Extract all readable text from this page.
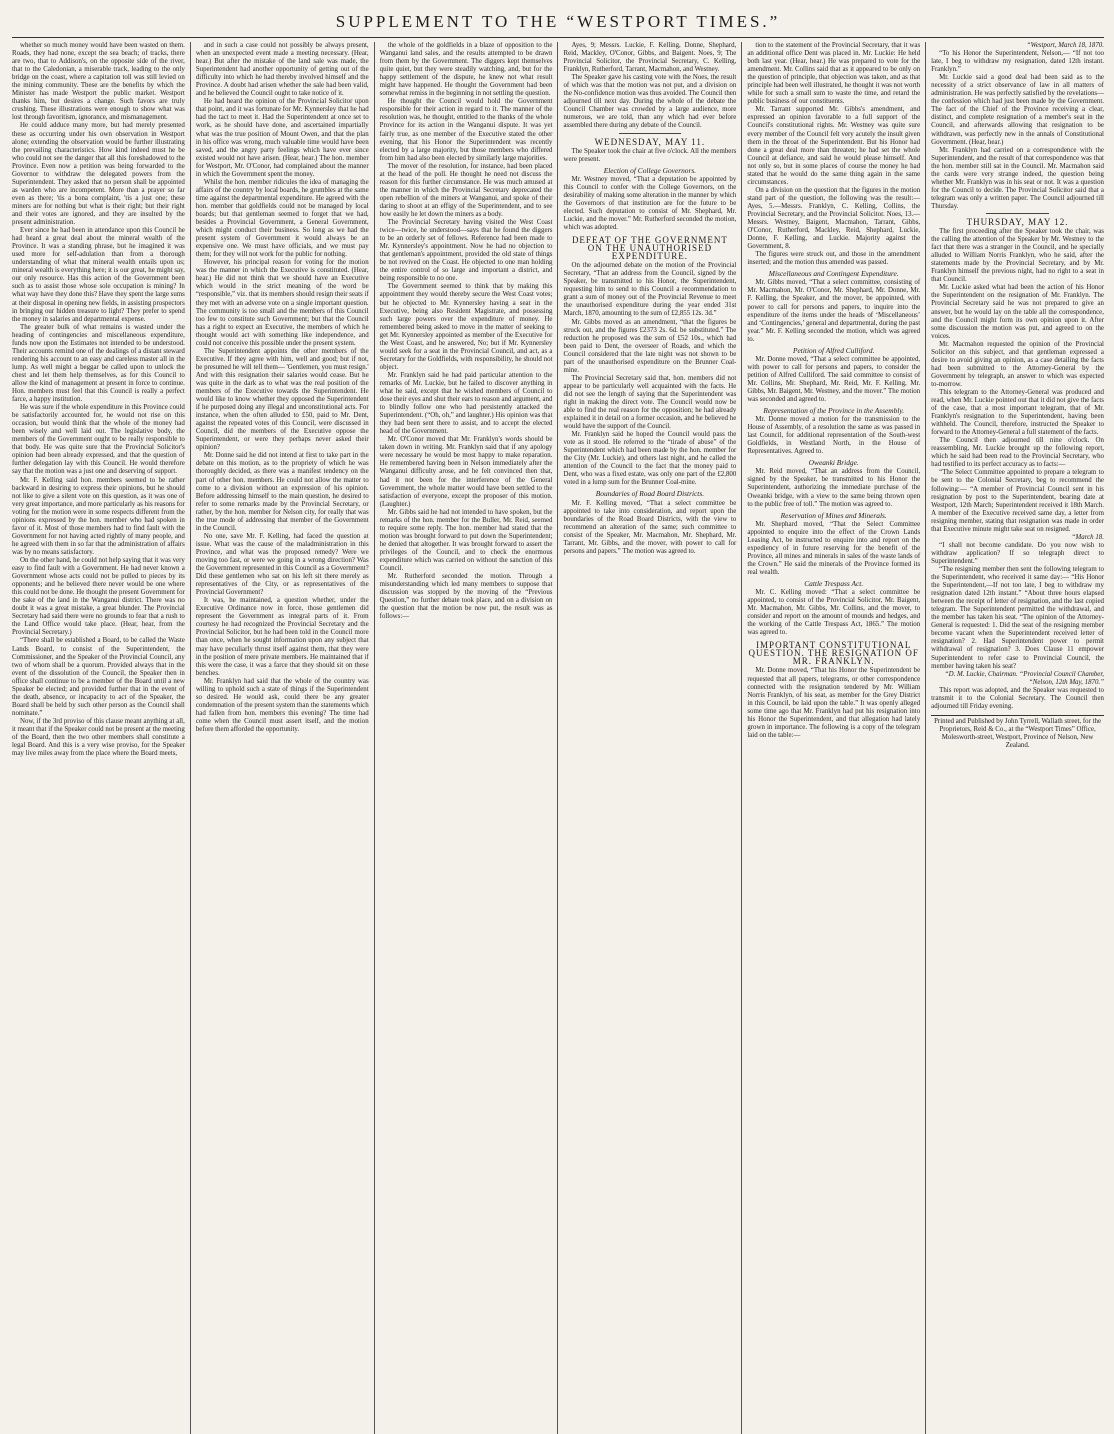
SUPPLEMENT TO THE “WESTPORT TIMES.”

whether so much money would have been wasted on them. Roads, they had none, except the sea beach; of tracks, there are two, that to Addison's, on the opposite side of the river, that to the Caledonian, a miserable track, leading to the only bridge on the coast, where a capitation toll was still levied on the mining community. These are the benefits by which the Minister has made Westport the public market. Westport thanks him, but desires a change. Such favors are truly crushing. These illustrations were enough to show what was lost through favoritism, ignorance, and mismanagement.

He could adduce many more, but had merely presented these as occurring under his own observation in Westport alone; extending the observation would be further illustrating the prevailing characteristics. How kind indeed must he be who could not see the danger that all this foreshadowed to the Province. Even now a petition was being forwarded to the Governor to withdraw the delegated powers from the Superintendent. They asked that no person shall be appointed as warden who are incompetent. More than a prayer so far even as there; 'tis a bona complaint, 'tis a just one; these miners are for nothing but what is their right; but their right and their votes are ignored, and they are insulted by the present administration.

Ever since he had been in attendance upon this Council he had heard a great deal about the mineral wealth of the Province. It was a standing phrase, but he imagined it was used more for self-adulation than from a thorough understanding of what that mineral wealth entails upon us; mineral wealth is everything here; it is our great, he might say, our only resource. Has this action of the Government been such as to assist those whose sole occupation is mining? In what way have they done this? Have they spent the large sums at their disposal in opening new fields, in assisting prospectors in bringing our hidden treasure to light? They prefer to spend the money in salaries and departmental expense.

The greater bulk of what remains is wasted under the heading of contingencies and miscellaneous expenditure, funds now upon the Estimates not intended to be understood. Their accounts remind one of the dealings of a distant steward rendering his account to an easy and careless master all in the lump. As well might a beggar be called upon to unlock the chest and let them help themselves, as for this Council to allow the kind of management at present in force to continue. Hon. members must feel that this Council is really a perfect farce, a happy institution.

He was sure if the whole expenditure in this Province could be satisfactorily accounted for, he would not rise on this occasion, but would think that the whole of the money had been wisely and well laid out. The legislative body, the members of the Government ought to be really responsible to that body. He was quite sure that the Provincial Solicitor's opinion had been already expressed, and that the question of further delegation lay with this Council. He would therefore say that the motion was a just one and deserving of support.

Mr. F. Kelling said hon. members seemed to be rather backward in desiring to express their opinions, but he should not like to give a silent vote on this question, as it was one of very great importance, and more particularly as his reasons for voting for the motion were in some respects different from the opinions expressed by the hon. member who had spoken in favor of it. Most of those members had to find fault with the Government for not having acted rightly of many people, and he agreed with them in so far that the administration of affairs was by no means satisfactory.

On the other hand, he could not help saying that it was very easy to find fault with a Government. He had never known a Government whose acts could not be pulled to pieces by its opponents; and he believed there never would be one where this could not be done. He thought the present Government for the sake of the land in the Wanganui district. There was no doubt it was a great mistake, a great blunder. The Provincial Secretary had said there were no grounds to fear that a rush to the Land Office would take place. (Hear, hear, from the Provincial Secretary.)

“There shall be established a Board, to be called the Waste Lands Board, to consist of the Superintendent, the Commissioner, and the Speaker of the Provincial Council, any two of whom shall be a quorum. Provided always that in the event of the dissolution of the Council, the Speaker then in office shall continue to be a member of the Board until a new Speaker be elected; and provided further that in the event of the death, absence, or incapacity to act of the Speaker, the Board shall be held by such other person as the Council shall nominate.”

Now, if the 3rd proviso of this clause meant anything at all, it meant that if the Speaker could not be present at the meeting of the Board, then the two other members shall constitute a legal Board. And this is a very wise proviso, for the Speaker may live miles away from the place where the Board meets,

and in such a case could not possibly be always present, when an unexpected event made a meeting necessary. (Hear, hear.) But after the mistake of the land sale was made, the Superintendent had another opportunity of getting out of the difficulty into which he had thereby involved himself and the Province. A doubt had arisen whether the sale had been valid, and he believed the Council ought to take notice of it.

He had heard the opinion of the Provincial Solicitor upon that point, and it was fortunate for Mr. Kynnersley that he had had the tact to meet it. Had the Superintendent at once set to work, as he should have done, and ascertained impartially what was the true position of Mount Owen, and that the plan in his office was wrong, much valuable time would have been saved, and the angry party feelings which have ever since existed would not have arisen. (Hear, hear.) The hon. member for Westport, Mr. O'Conor, had complained about the manner in which the Government spent the money.

Whilst the hon. member ridicules the idea of managing the affairs of the country by local boards, he grumbles at the same time against the departmental expenditure. He agreed with the hon. member that goldfields could not be managed by local boards; but that gentleman seemed to forget that we had, besides a Provincial Government, a General Government, which might conduct their business. So long as we had the present system of Government it would always be an expensive one. We must have officials, and we must pay them; for they will not work for the public for nothing.

However, his principal reason for voting for the motion was the manner in which the Executive is constituted. (Hear, hear.) He did not think that we should have an Executive which would in the strict meaning of the word be “responsible,” viz. that its members should resign their seats if they met with an adverse vote on a single important question. The community is too small and the members of this Council too few to constitute such Government; but that the Council has a right to expect an Executive, the members of which he thought would act with something like independence, and could not conceive this possible under the present system.

The Superintendent appoints the other members of the Executive. If they agree with him, well and good; but if not, he presumed he will tell them— 'Gentlemen, you must resign.' And with this resignation their salaries would cease. But he was quite in the dark as to what was the real position of the members of the Executive towards the Superintendent. He would like to know whether they opposed the Superintendent if he purposed doing any illegal and unconstitutional acts. For instance, when the often alluded to £50, paid to Mr. Dent, against the repeated votes of this Council, were discussed in Council, did the members of the Executive oppose the Superintendent, or were they perhaps never asked their opinion?

Mr. Donne said he did not intend at first to take part in the debate on this motion, as to the propriety of which he was thoroughly decided, as there was a manifest tendency on the part of other hon. members. He could not allow the matter to come to a division without an expression of his opinion. Before addressing himself to the main question, he desired to refer to some remarks made by the Provincial Secretary, or rather, by the hon. member for Nelson city, for really that was the true mode of addressing that member of the Government in the Council.

No one, save Mr. F. Kelling, had faced the question at issue. What was the cause of the maladministration in this Province, and what was the proposed remedy? Were we moving too fast, or were we going in a wrong direction? Was the Government represented in this Council as a Government? Did these gentlemen who sat on his left sit there merely as representatives of the City, or as representatives of the Provincial Government?

It was, he maintained, a question whether, under the Executive Ordinance now in force, those gentlemen did represent the Government as integral parts of it. From courtesy he had recognized the Provincial Secretary and the Provincial Solicitor, but he had been told in the Council more than once, when he sought information upon any subject that may have peculiarly thrust itself against them, that they were in the position of mere private members. He maintained that if this were the case, it was a farce that they should sit on these benches.

Mr. Franklyn had said that the whole of the country was willing to uphold such a state of things if the Superintendent so desired. He would ask, could there be any greater condemnation of the present system than the statements which had fallen from hon. members this evening? The time had come when the Council must assert itself, and the motion before them afforded the opportunity.

the whole of the goldfields in a blaze of opposition to the Wanganui land sales, and the results attempted to be drawn from them by the Government. The diggers kept themselves quite quiet, but they were steadily watching, and, but for the happy settlement of the dispute, he knew not what result might have happened. He thought the Government had been somewhat remiss in the beginning in not settling the question.

He thought the Council would hold the Government responsible for their action in regard to it. The manner of the resolution was, he thought, entitled to the thanks of the whole Province for its action in the Wanganui dispute. It was yet fairly true, as one member of the Executive stated the other evening, that his Honor the Superintendent was recently elected by a large majority, but those members who differed from him had also been elected by similarly large majorities.

The mover of the resolution, for instance, had been placed at the head of the poll. He thought he need not discuss the reason for this further circumstance. He was much amused at the manner in which the Provincial Secretary deprecated the open rebellion of the miners at Wanganui, and spoke of their daring to shoot at an effigy of the Superintendent, and to see how easily he let down the miners as a body.

The Provincial Secretary having visited the West Coast twice—twice, he understood—says that he found the diggers to be an orderly set of fellows. Reference had been made to Mr. Kynnersley's appointment. Now he had no objection to that gentleman's appointment, provided the old state of things be not revived on the Coast. He objected to one man holding the entire control of so large and important a district, and being responsible to no one.

The Government seemed to think that by making this appointment they would thereby secure the West Coast votes; but he objected to Mr. Kynnersley having a seat in the Executive, being also Resident Magistrate, and possessing such large powers over the expenditure of money. He remembered being asked to move in the matter of seeking to get Mr. Kynnersley appointed as member of the Executive for the West Coast, and he answered, No; but if Mr. Kynnersley would seek for a seat in the Provincial Council, and act, as a Secretary for the Goldfields, with responsibility, he should not object.

Mr. Franklyn said he had paid particular attention to the remarks of Mr. Luckie, but he failed to discover anything in what he said, except that he wished members of Council to dose their eyes and shut their ears to reason and argument, and to blindly follow one who had persistently attacked the Superintendent. (“Oh, oh,” and laughter.) His opinion was that they had been sent there to assist, and to accept the elected head of the Government.

Mr. O'Conor moved that Mr. Franklyn's words should be taken down in writing. Mr. Franklyn said that if any apology were necessary he would be most happy to make reparation. He remembered having been in Nelson immediately after the Wanganui difficulty arose, and he felt convinced then that, had it not been for the interference of the General Government, the whole matter would have been settled to the satisfaction of everyone, except the proposer of this motion. (Laughter.)

Mr. Gibbs said he had not intended to have spoken, but the remarks of the hon. member for the Buller, Mr. Reid, seemed to require some reply. The hon. member had stated that the motion was brought forward to put down the Superintendent; he denied that altogether. It was brought forward to assert the privileges of the Council, and to check the enormous expenditure which was carried on without the sanction of this Council.

Mr. Rutherford seconded the motion. Through a misunderstanding which led many members to suppose that discussion was stopped by the moving of the “Previous Question,” no further debate took place, and on a division on the question that the motion be now put, the result was as follows:—

Ayes, 9; Messrs. Luckie, F. Kelling, Donne, Shephard, Reid, Mackley, O'Conor, Gibbs, and Baigent. Noes, 9; The Provincial Solicitor, the Provincial Secretary, C. Kelling, Franklyn, Rutherford, Tarrant, Macmahon, and Westney.

The Speaker gave his casting vote with the Noes, the result of which was that the motion was not put, and a division on the No-confidence motion was thus avoided. The Council then adjourned till next day. During the whole of the debate the Council Chamber was crowded by a large audience, more numerous, we are told, than any which had ever before assembled there during any debate of the Council.

WEDNESDAY, MAY 11.

The Speaker took the chair at five o'clock. All the members were present.

Election of College Governors.

Mr. Westney moved, “That a deputation be appointed by this Council to confer with the College Governors, on the desirability of making some alteration in the manner by which the Governors of that institution are for the future to be elected. Such deputation to consist of Mr. Shephard, Mr. Luckie, and the mover.” Mr. Rutherford seconded the motion, which was adopted.

DEFEAT OF THE GOVERNMENT ON THE UNAUTHORISED EXPENDITURE.

On the adjourned debate on the motion of the Provincial Secretary, “That an address from the Council, signed by the Speaker, be transmitted to his Honor, the Superintendent, requesting him to send to this Council a recommendation to grant a sum of money out of the Provincial Revenue to meet the unauthorised expenditure during the year ended 31st March, 1870, amounting to the sum of £2,855 12s. 3d.”

Mr. Gibbs moved as an amendment, “that the figures be struck out, and the figures £2373 2s. 6d. be substituted.” The reduction he proposed was the sum of £52 10s., which had been paid to Dent, the overseer of Roads, and which the Council considered that the late night was not shown to be part of the unauthorised expenditure on the Brunner Coal-mine.

The Provincial Secretary said that, hon. members did not appear to be particularly well acquainted with the facts. He did not see the length of saying that the Superintendent was right in making the direct vote. The Council would now be able to find the real reason for the opposition; he had already explained it in detail on a former occasion, and he believed he would have the support of the Council.

Mr. Franklyn said he hoped the Council would pass the vote as it stood. He referred to the “tirade of abuse” of the Superintendent which had been made by the hon. member for the City (Mr. Luckie), and others last night, and he called the attention of the Council to the fact that the money paid to Dent, who was a fixed estate, was only one part of the £2,800 voted in a lump sum for the Brunner Coal-mine.

Boundaries of Road Board Districts.

Mr. F. Kelling moved, “That a select committee be appointed to take into consideration, and report upon the boundaries of the Road Board Districts, with the view to recommend an alteration of the same; such committee to consist of the Speaker, Mr. Macmahon, Mr. Shephard, Mr. Tarrant, Mr. Gibbs, and the mover, with power to call for persons and papers.” The motion was agreed to.

tion to the statement of the Provincial Secretary, that it was an additional office Dent was placed in. Mr. Luckie: He held both last year. (Hear, hear.) He was prepared to vote for the amendment. Mr. Collins said that as it appeared to be only on the question of principle, that objection was taken, and as that principle had been well illustrated, he thought it was not worth while for such a small sum to waste the time, and retard the public business of our constituents.

Mr. Tarrant supported Mr. Gibbs's amendment, and expressed an opinion favorable to a full support of the Council's constitutional rights. Mr. Westney was quite sure every member of the Council felt very acutely the insult given them in the throat of the Superintendent. But his Honor had done a great deal more than threaten; he had set the whole Council at defiance, and said he would please himself. And not only so, but in some places of course the money he had stated that he would do the same thing again in the same circumstances.

On a division on the question that the figures in the motion stand part of the question, the following was the result:— Ayes, 5.—Messrs. Franklyn, C. Kelling, Collins, the Provincial Secretary, and the Provincial Solicitor. Noes, 13.—Messrs. Westney, Baigent, Macmahon, Tarrant, Gibbs, O'Conor, Rutherford, Mackley, Reid, Shephard, Luckie, Donne, F. Kelling, and Luckie. Majority against the Government, 8.

The figures were struck out, and those in the amendment inserted; and the motion thus amended was passed.

Miscellaneous and Contingent Expenditure.

Mr. Gibbs moved, “That a select committee, consisting of Mr. Macmahon, Mr. O'Conor, Mr. Shephard, Mr. Donne, Mr. F. Kelling, the Speaker, and the mover, be appointed, with power to call for persons and papers, to inquire into the expenditure of the items under the heads of ‘Miscellaneous’ and ‘Contingencies,’ general and departmental, during the past year.” Mr. F. Kelling seconded the motion, which was agreed to.

Petition of Alfred Culliford.

Mr. Donne moved, “That a select committee be appointed, with power to call for persons and papers, to consider the petition of Alfred Culliford. The said committee to consist of Mr. Collins, Mr. Shephard, Mr. Reid, Mr. F. Kelling, Mr. Gibbs, Mr. Baigent, Mr. Westney, and the mover.” The motion was seconded and agreed to.

Representation of the Province in the Assembly.

Mr. Donne moved a motion for the transmission to the House of Assembly, of a resolution the same as was passed in last Council, for additional representation of the South-west Goldfields, in Westland North, in the House of Representatives. Agreed to.

Oweanki Bridge.

Mr. Reid moved, “That an address from the Council, signed by the Speaker, be transmitted to his Honor the Superintendent, authorizing the immediate purchase of the Oweanki bridge, with a view to the same being thrown open to the public free of toll.” The motion was agreed to.

Reservation of Mines and Minerals.

Mr. Shephard moved, “That the Select Committee appointed to enquire into the effect of the Crown Lands Leasing Act, be instructed to enquire into and report on the expediency of in future reserving for the benefit of the Province, all mines and minerals in sales of the waste lands of the Crown.” He said the minerals of the Province formed its real wealth.

Cattle Trespass Act.

Mr. C. Kelling moved: “That a select committee be appointed, to consist of the Provincial Solicitor, Mr. Baigent, Mr. Macmahon, Mr. Gibbs, Mr. Collins, and the mover, to consider and report on the amount of mounds and hedges, and the working of the Cattle Trespass Act, 1865.” The motion was agreed to.

IMPORTANT CONSTITUTIONAL QUESTION. THE RESIGNATION OF MR. FRANKLYN.

Mr. Donne moved, “That his Honor the Superintendent be requested that all papers, telegrams, or other correspondence connected with the resignation tendered by Mr. William Norris Franklyn, of his seat, as member for the Grey District in this Council, be laid upon the table.” It was openly alleged some time ago that Mr. Franklyn had put his resignation into his Honor the Superintendent, and that allegation had lately grown in importance. The following is a copy of the telegram laid on the table:—

“Westport, March 18, 1870.

“To his Honor the Superintendent, Nelson,— “If not too late, I beg to withdraw my resignation, dated 12th instant. Franklyn.”

Mr. Luckie said a good deal had been said as to the necessity of a strict observance of law in all matters of administration. He was perfectly satisfied by the revelations—the confession which had just been made by the Government. The fact of the Chief of the Province receiving a clear, distinct, and complete resignation of a member's seat in the Council, and afterwards allowing that resignation to be withdrawn, was perfectly new in the annals of Constitutional Government. (Hear, hear.)

Mr. Franklyn had carried on a correspondence with the Superintendent, and the result of that correspondence was that the hon. member still sat in the Council. Mr. Macmahon said the cards were very strange indeed, the question being whether Mr. Franklyn was in his seat or not. It was a question for the Council to decide. The Provincial Solicitor said that a telegram was only a written paper. The Council adjourned till Thursday.

THURSDAY, MAY 12.

The first proceeding after the Speaker took the chair, was the calling the attention of the Speaker by Mr. Westney to the fact that there was a stranger in the Council, and he specially alluded to William Norris Franklyn, who he said, after the statements made by the Provincial Secretary, and by Mr. Franklyn himself the previous night, had no right to a seat in that Council.

Mr. Luckie asked what had been the action of his Honor the Superintendent on the resignation of Mr. Franklyn. The Provincial Secretary said he was not prepared to give an answer, but he would lay on the table all the correspondence, and the Council might form its own opinion upon it. After some discussion the motion was put, and agreed to on the voices.

Mr. Macmahon requested the opinion of the Provincial Solicitor on this subject, and that gentleman expressed a desire to avoid giving an opinion, as a case detailing the facts had been submitted to the Attorney-General by the Government by telegraph, an answer to which was expected to-morrow.

This telegram to the Attorney-General was produced and read, when Mr. Luckie pointed out that it did not give the facts of the case, that a most important telegram, that of Mr. Franklyn's resignation to the Superintendent, having been withheld. The Council, therefore, instructed the Speaker to forward to the Attorney-General a full statement of the facts.

The Council then adjourned till nine o'clock. On reassembling, Mr. Luckie brought up the following report, which he said had been read to the Provincial Secretary, who had testified to its perfect accuracy as to facts:—

“The Select Committee appointed to prepare a telegram to be sent to the Colonial Secretary, beg to recommend the following:— “A member of Provincial Council sent in his resignation by post to the Superintendent, bearing date at Westport, 12th March; Superintendent received it 18th March. A member of the Executive received same day, a letter from resigning member, stating that resignation was made in order that Executive minute might take seat on resigned.

“March 18.

“I shall not become candidate. Do you now wish to withdraw application? If so telegraph direct to Superintendent.”

“The resigning member then sent the following telegram to the Superintendent, who received it same day:— “His Honor the Superintendent,—If not too late, I beg to withdraw my resignation dated 12th instant.” “About three hours elapsed between the receipt of letter of resignation, and the last copied telegram. The Superintendent permitted the withdrawal, and the member has taken his seat. “The opinion of the Attorney-General is requested: 1. Did the seat of the resigning member become vacant when the Superintendent received letter of resignation? 2. Had Superintendent power to permit withdrawal of resignation? 3. Does Clause 11 empower Superintendent to refer case to Provincial Council, the member having taken his seat?

“D. M. Luckie, Chairman. “Provincial Council Chamber, “Nelson, 12th May, 1870.”

This report was adopted, and the Speaker was requested to transmit it to the Colonial Secretary. The Council then adjourned till Friday evening.

Printed and Published by John Tyrrell, Wallath street, for the Proprietors, Reid & Co., at the “Westport Times” Office, Molesworth-street, Westport, Province of Nelson, New Zealand.
